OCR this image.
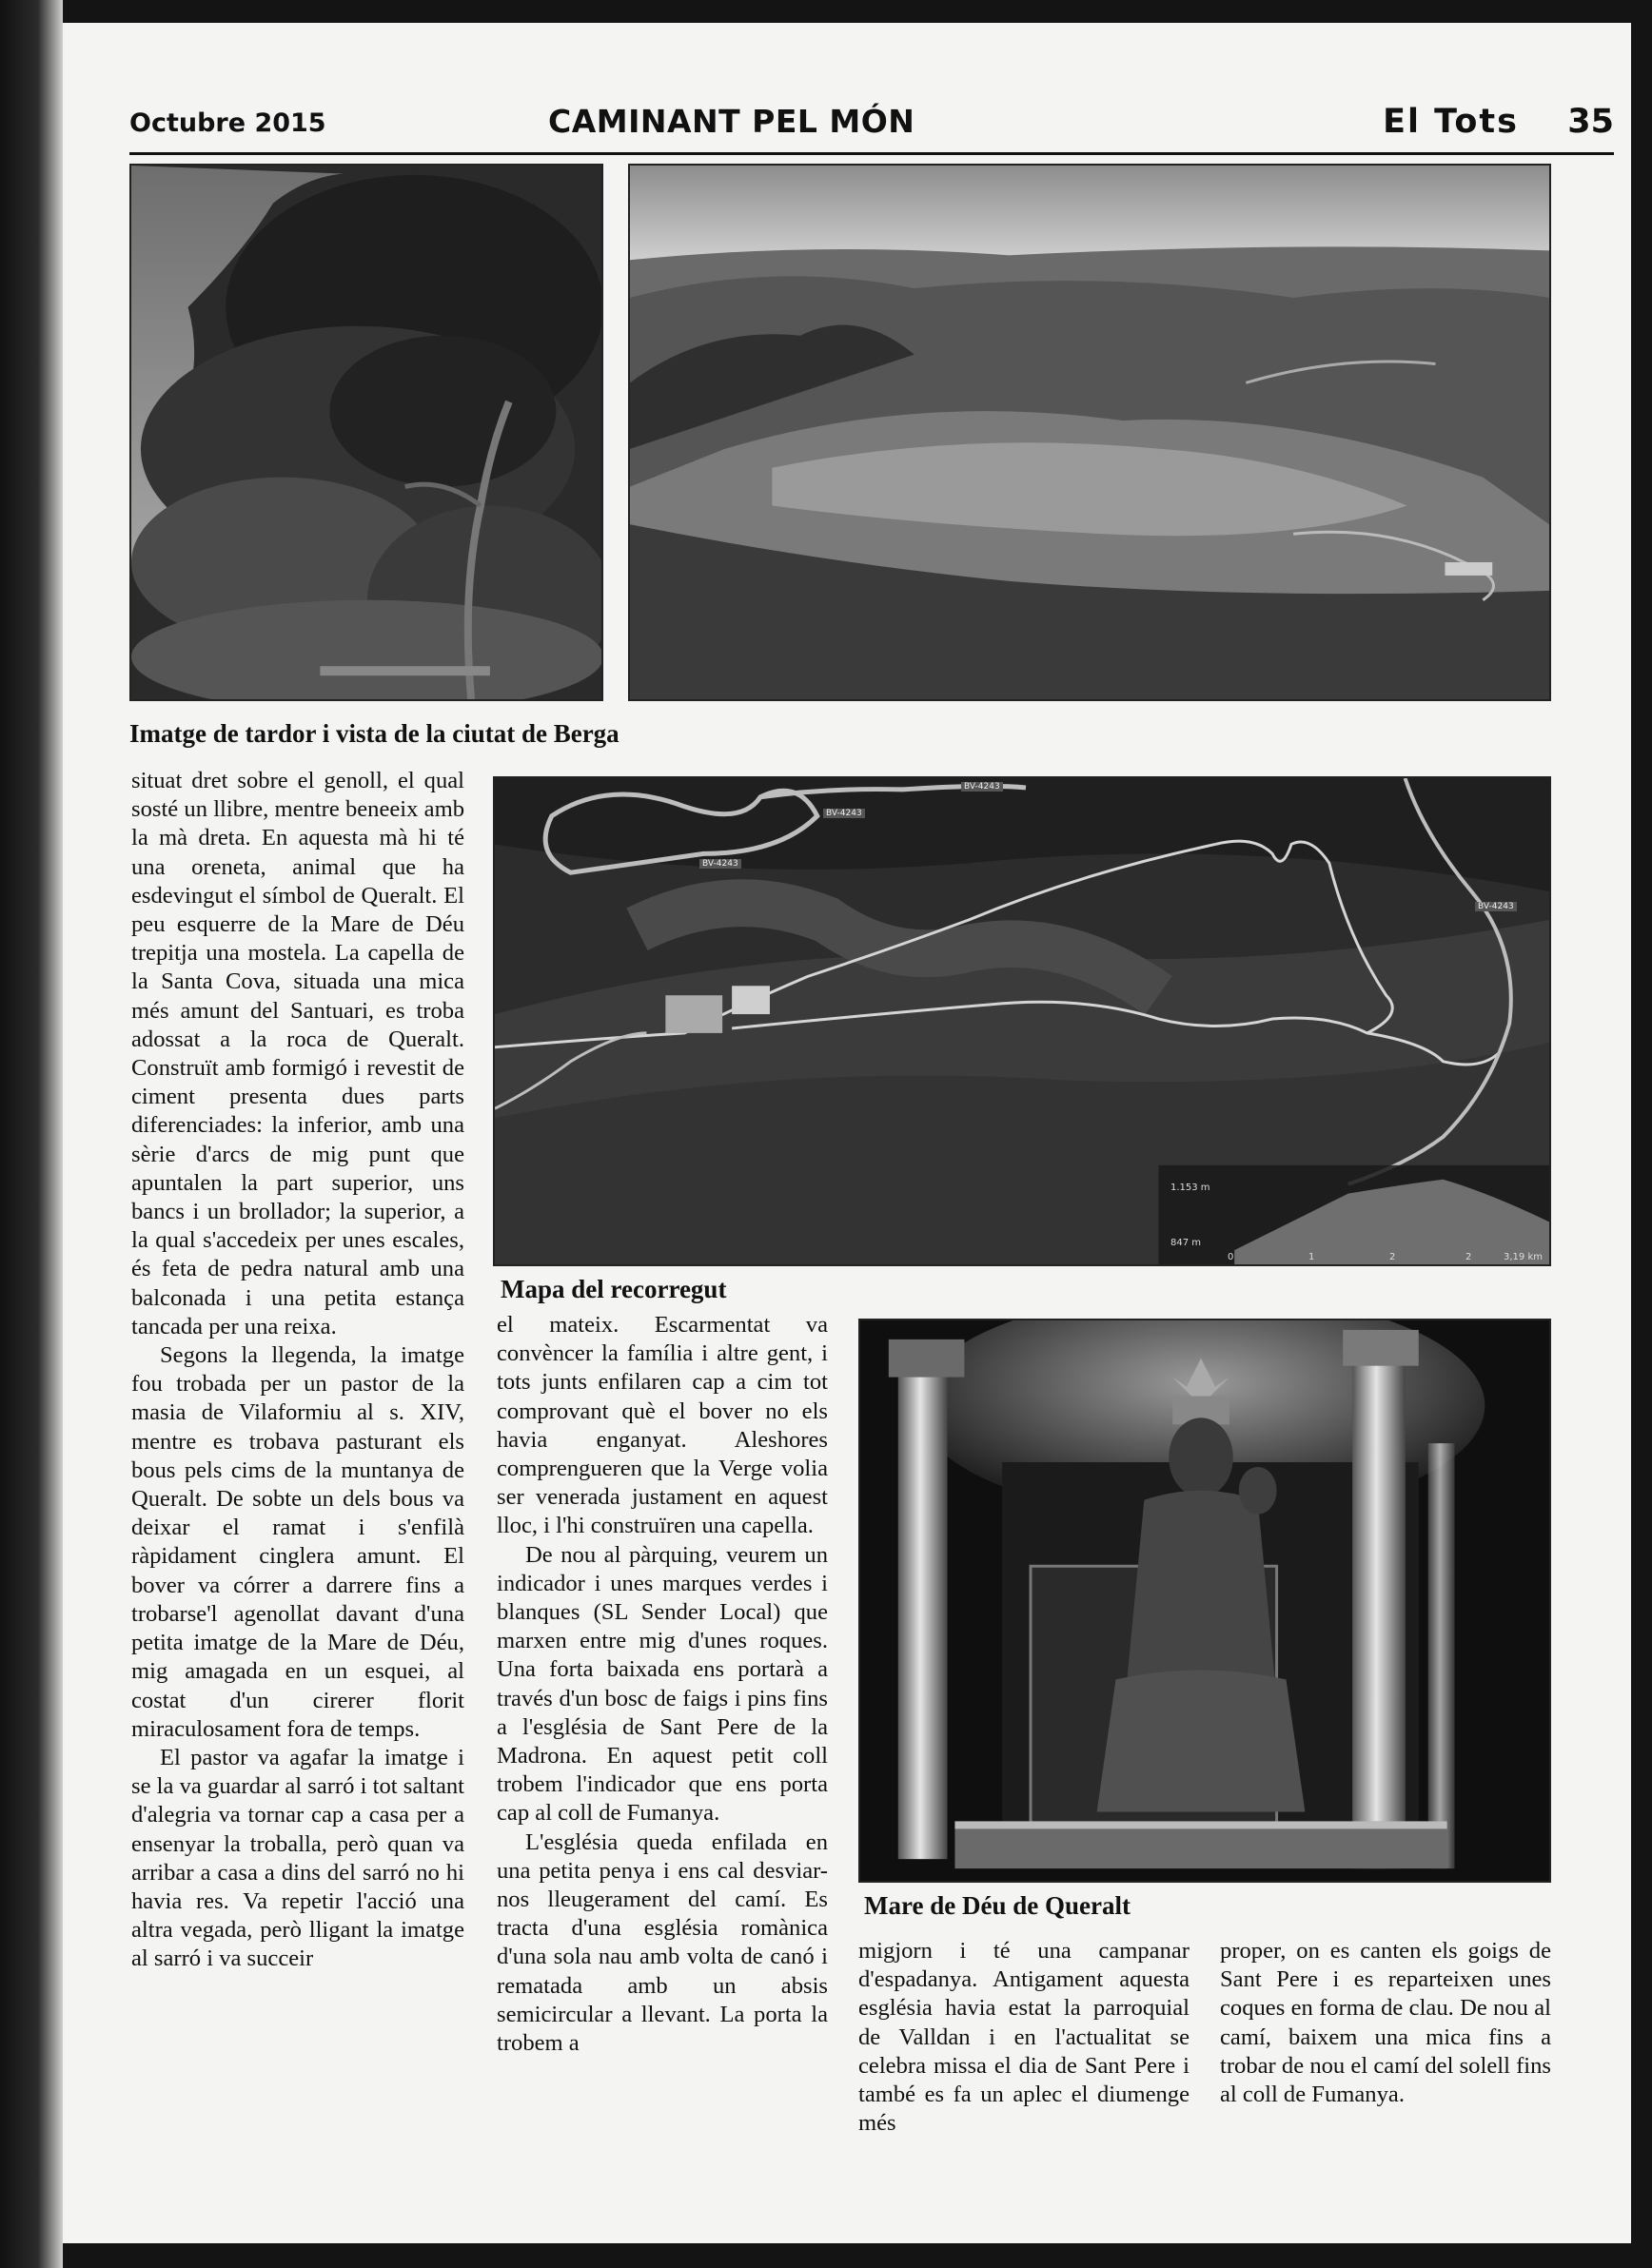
Octubre 2015	CAMINANT PEL MÓN	El Tots 35
Imatge de tardor i vista de la ciutat de Berga
BV-4243
BV-4243
BV-4243
BV-4243
1.153 m
847 m
0	1	2	2	3,19 km
Mapa del recorregut
Mare de Déu de Queralt

situat dret sobre el genoll, el qual sosté un llibre, mentre beneeix amb la mà dreta. En aquesta mà hi té una oreneta, animal que ha esdevingut el símbol de Queralt. El peu esquerre de la Mare de Déu trepitja una mostela. La capella de la Santa Cova, situada una mica més amunt del Santuari, es troba adossat a la roca de Queralt. Construït amb formigó i revestit de ciment presenta dues parts diferenciades: la inferior, amb una sèrie d'arcs de mig punt que apuntalen la part superior, uns bancs i un brollador; la superior, a la qual s'accedeix per unes escales, és feta de pedra natural amb una balconada i una petita estança tancada per una reixa.

Segons la llegenda, la imatge fou trobada per un pastor de la masia de Vilaformiu al s. XIV, mentre es trobava pasturant els bous pels cims de la muntanya de Queralt. De sobte un dels bous va deixar el ramat i s'enfilà ràpidament cinglera amunt. El bover va córrer a darrere fins a trobarse'l agenollat davant d'una petita imatge de la Mare de Déu, mig amagada en un esquei, al costat d'un cirerer florit miraculosament fora de temps.

El pastor va agafar la imatge i se la va guardar al sarró i tot saltant d'alegria va tornar cap a casa per a ensenyar la troballa, però quan va arribar a casa a dins del sarró no hi havia res. Va repetir l'acció una altra vegada, però lligant la imatge al sarró i va succeir

el mateix. Escarmentat va convèncer la família i altre gent, i tots junts enfilaren cap a cim tot comprovant què el bover no els havia enganyat. Aleshores comprengueren que la Verge volia ser venerada justament en aquest lloc, i l'hi construïren una capella.

De nou al pàrquing, veurem un indicador i unes marques verdes i blanques (SL Sender Local) que marxen entre mig d'unes roques. Una forta baixada ens portarà a través d'un bosc de faigs i pins fins a l'església de Sant Pere de la Madrona. En aquest petit coll trobem l'indicador que ens porta cap al coll de Fumanya.

L'església queda enfilada en una petita penya i ens cal desviar-nos lleugerament del camí. Es tracta d'una església romànica d'una sola nau amb volta de canó i rematada amb un absis semicircular a llevant. La porta la trobem a

migjorn i té una campanar d'espadanya. Antigament aquesta església havia estat la parroquial de Valldan i en l'actualitat se celebra missa el dia de Sant Pere i també es fa un aplec el diumenge més

proper, on es canten els goigs de Sant Pere i es reparteixen unes coques en forma de clau. De nou al camí, baixem una mica fins a trobar de nou el camí del solell fins al coll de Fumanya.
